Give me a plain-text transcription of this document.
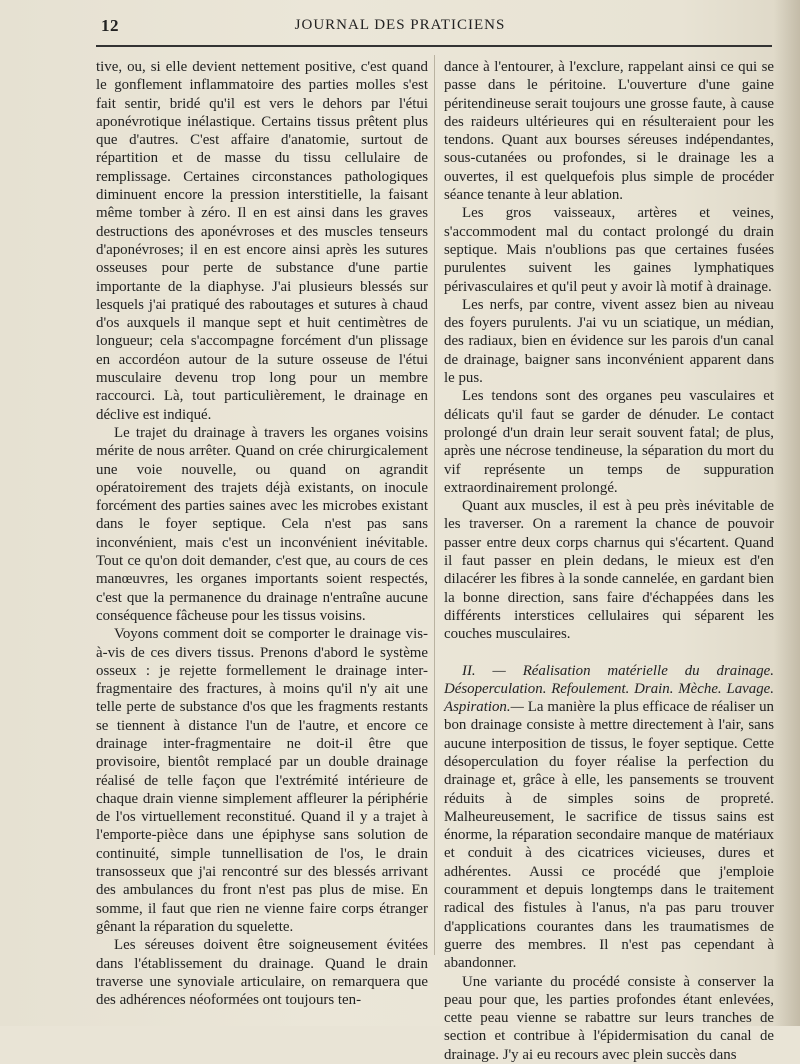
12	JOURNAL DES PRATICIENS

tive, ou, si elle devient nettement positive, c'est quand le gonflement inflammatoire des parties molles s'est fait sentir, bridé qu'il est vers le dehors par l'étui aponévrotique inélastique. Certains tissus prêtent plus que d'autres. C'est affaire d'anatomie, surtout de répartition et de masse du tissu cellulaire de remplissage. Certaines circonstances pathologiques diminuent encore la pression interstitielle, la faisant même tomber à zéro. Il en est ainsi dans les graves destructions des aponévroses et des muscles tenseurs d'aponévroses; il en est encore ainsi après les sutures osseuses pour perte de substance d'une partie importante de la diaphyse. J'ai plusieurs blessés sur lesquels j'ai pratiqué des raboutages et sutures à chaud d'os auxquels il manque sept et huit centimètres de longueur; cela s'accompagne forcément d'un plissage en accordéon autour de la suture osseuse de l'étui musculaire devenu trop long pour un membre raccourci. Là, tout particulièrement, le drainage en déclive est indiqué.

Le trajet du drainage à travers les organes voisins mérite de nous arrêter. Quand on crée chirurgicalement une voie nouvelle, ou quand on agrandit opératoirement des trajets déjà existants, on inocule forcément des parties saines avec les microbes existant dans le foyer septique. Cela n'est pas sans inconvénient, mais c'est un inconvénient inévitable. Tout ce qu'on doit demander, c'est que, au cours de ces manœuvres, les organes importants soient respectés, c'est que la permanence du drainage n'entraîne aucune conséquence fâcheuse pour les tissus voisins.

Voyons comment doit se comporter le drainage vis-à-vis de ces divers tissus. Prenons d'abord le système osseux : je rejette formellement le drainage inter-fragmentaire des fractures, à moins qu'il n'y ait une telle perte de substance d'os que les fragments restants se tiennent à distance l'un de l'autre, et encore ce drainage inter-fragmentaire ne doit-il être que provisoire, bientôt remplacé par un double drainage réalisé de telle façon que l'extrémité intérieure de chaque drain vienne simplement affleurer la périphérie de l'os virtuellement reconstitué. Quand il y a trajet à l'emporte-pièce dans une épiphyse sans solution de continuité, simple tunnellisation de l'os, le drain transosseux que j'ai rencontré sur des blessés arrivant des ambulances du front n'est pas plus de mise. En somme, il faut que rien ne vienne faire corps étranger gênant la réparation du squelette.

Les séreuses doivent être soigneusement évitées dans l'établissement du drainage. Quand le drain traverse une synoviale articulaire, on remarquera que des adhérences néoformées ont toujours ten-

dance à l'entourer, à l'exclure, rappelant ainsi ce qui se passe dans le péritoine. L'ouverture d'une gaine péritendineuse serait toujours une grosse faute, à cause des raideurs ultérieures qui en résulteraient pour les tendons. Quant aux bourses séreuses indépendantes, sous-cutanées ou profondes, si le drainage les a ouvertes, il est quelquefois plus simple de procéder séance tenante à leur ablation.

Les gros vaisseaux, artères et veines, s'accommodent mal du contact prolongé du drain septique. Mais n'oublions pas que certaines fusées purulentes suivent les gaines lymphatiques périvasculaires et qu'il peut y avoir là motif à drainage.

Les nerfs, par contre, vivent assez bien au niveau des foyers purulents. J'ai vu un sciatique, un médian, des radiaux, bien en évidence sur les parois d'un canal de drainage, baigner sans inconvénient apparent dans le pus.

Les tendons sont des organes peu vasculaires et délicats qu'il faut se garder de dénuder. Le contact prolongé d'un drain leur serait souvent fatal; de plus, après une nécrose tendineuse, la séparation du mort du vif représente un temps de suppuration extraordinairement prolongé.

Quant aux muscles, il est à peu près inévitable de les traverser. On a rarement la chance de pouvoir passer entre deux corps charnus qui s'écartent. Quand il faut passer en plein dedans, le mieux est d'en dilacérer les fibres à la sonde cannelée, en gardant bien la bonne direction, sans faire d'échappées dans les différents interstices cellulaires qui séparent les couches musculaires.

II. — Réalisation matérielle du drainage. Désoperculation. Refoulement. Drain. Mèche. Lavage. Aspiration.— La manière la plus efficace de réaliser un bon drainage consiste à mettre directement à l'air, sans aucune interposition de tissus, le foyer septique. Cette désoperculation du foyer réalise la perfection du drainage et, grâce à elle, les pansements se trouvent réduits à de simples soins de propreté. Malheureusement, le sacrifice de tissus sains est énorme, la réparation secondaire manque de matériaux et conduit à des cicatrices vicieuses, dures et adhérentes. Aussi ce procédé que j'emploie couramment et depuis longtemps dans le traitement radical des fistules à l'anus, n'a pas paru trouver d'applications courantes dans les traumatismes de guerre des membres. Il n'est pas cependant à abandonner.

Une variante du procédé consiste à conserver la peau pour que, les parties profondes étant enlevées, cette peau vienne se rabattre sur leurs tranches de section et contribue à l'épidermisation du canal de drainage. J'y ai eu recours avec plein succès dans
